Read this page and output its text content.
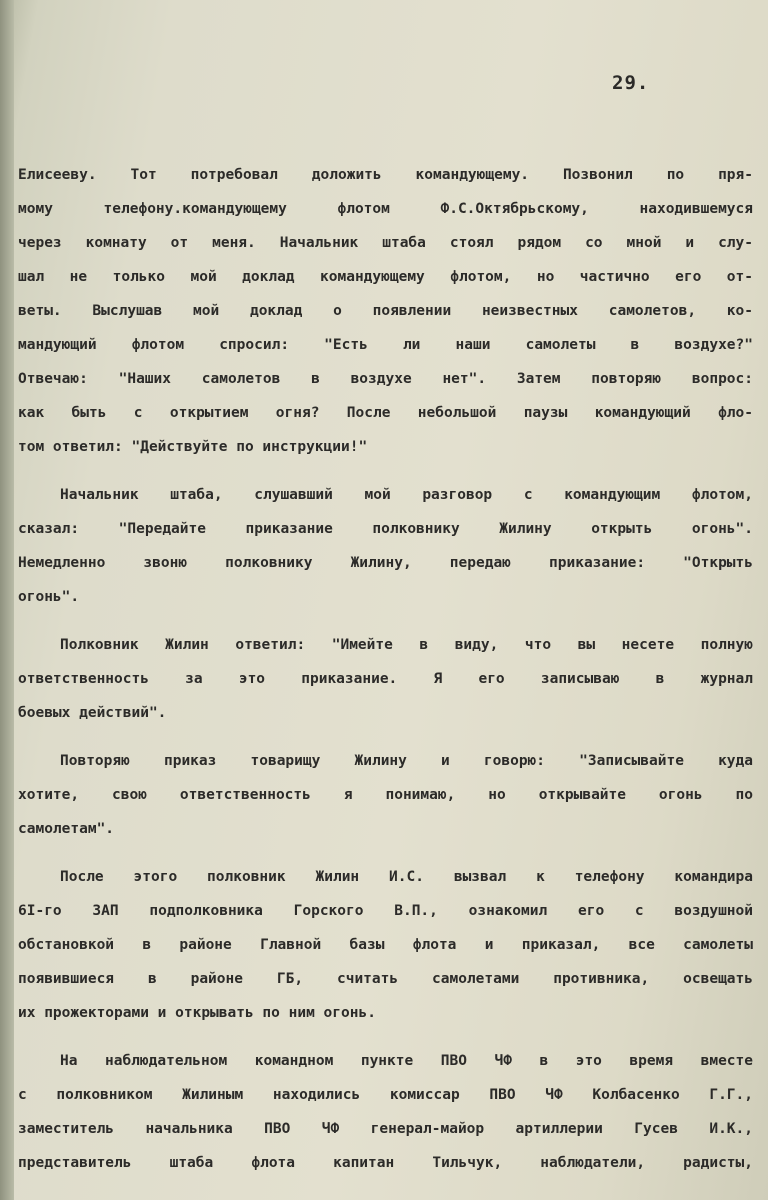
29.
Елисееву. Тот потребовал доложить командующему. Позвонил по пря-
мому телефону.командующему флотом Ф.С.Октябрьскому, находившемуся
через комнату от меня. Начальник штаба стоял рядом со мной и слу-
шал не только мой доклад командующему флотом, но частично его от-
веты. Выслушав мой доклад о появлении неизвестных самолетов, ко-
мандующий флотом спросил: "Есть ли наши самолеты в воздухе?"
Отвечаю: "Наших самолетов в воздухе нет". Затем повторяю вопрос:
как быть с открытием огня? После небольшой паузы командующий фло-
том ответил: "Действуйте по инструкции!"
Начальник штаба, слушавший мой разговор с командующим флотом,
сказал: "Передайте приказание полковнику Жилину открыть огонь".
Немедленно звоню полковнику Жилину, передаю приказание: "Открыть
огонь".
Полковник Жилин ответил: "Имейте в виду, что вы несете полную
ответственность за это приказание. Я его записываю в журнал
боевых действий".
Повторяю приказ товарищу Жилину и говорю: "Записывайте куда
хотите, свою ответственность я понимаю, но открывайте огонь по
самолетам".
После этого полковник Жилин И.С. вызвал к телефону командира
6I-го ЗАП подполковника Горского В.П., ознакомил его с воздушной
обстановкой в районе Главной базы флота и приказал, все самолеты
появившиеся в районе ГБ, считать самолетами противника, освещать
их прожекторами и открывать по ним огонь.
На наблюдательном командном пункте ПВО ЧФ в это время вместе
с полковником Жилиным находились комиссар ПВО ЧФ Колбасенко Г.Г.,
заместитель начальника ПВО ЧФ генерал-майор артиллерии Гусев И.К.,
представитель штаба флота капитан Тильчук, наблюдатели, радисты,
